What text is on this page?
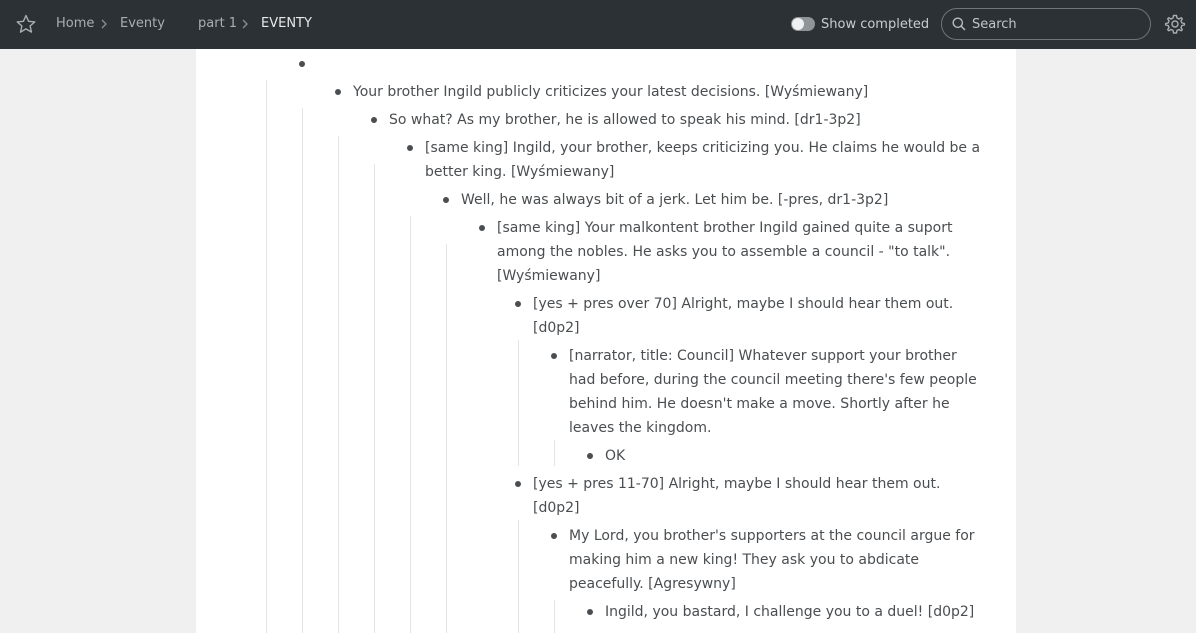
Home Eventy	part 1 EVENTY	Show completed
Search
Your brother Ingild publicly criticizes your latest decisions. [Wyśmiewany]
So what? As my brother, he is allowed to speak his mind. [dr1-3p2]
[same king] Ingild, your brother, keeps criticizing you. He claims he would be a
better king. [Wyśmiewany]
Well, he was always bit of a jerk. Let him be. [-pres, dr1-3p2]
[same king] Your malkontent brother Ingild gained quite a suport
among the nobles. He asks you to assemble a council - "to talk".
[Wyśmiewany]
[yes + pres over 70] Alright, maybe I should hear them out.
[d0p2]
[narrator, title: Council] Whatever support your brother
had before, during the council meeting there's few people
behind him. He doesn't make a move. Shortly after he
leaves the kingdom.
OK
[yes + pres 11-70] Alright, maybe I should hear them out.
[d0p2]
My Lord, you brother's supporters at the council argue for
making him a new king! They ask you to abdicate
peacefully. [Agresywny]
Ingild, you bastard, I challenge you to a duel! [d0p2]
